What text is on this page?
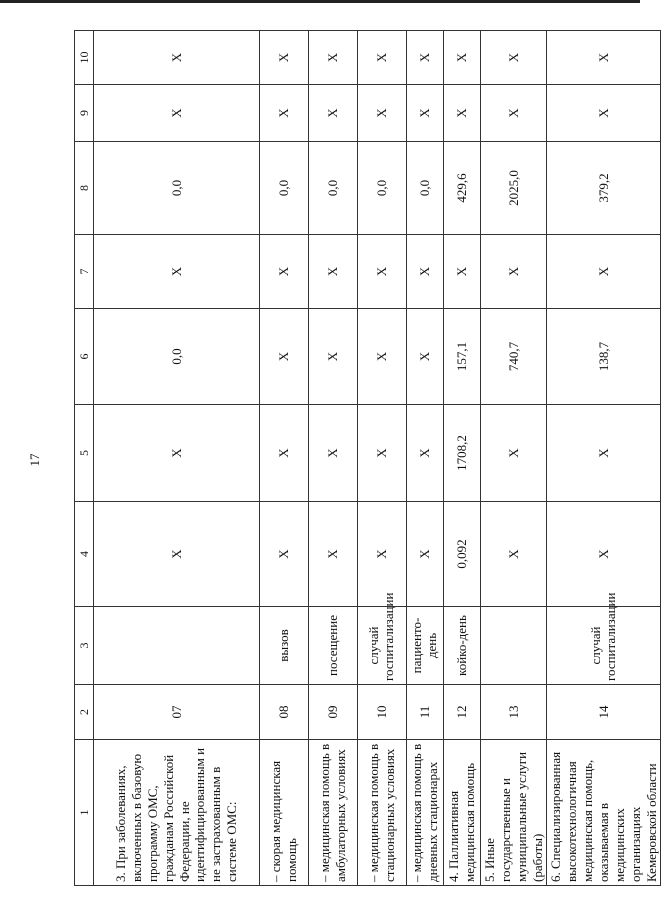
17
1	2	3	4	5	6	7	8	9	10
3. При заболеваниях, включенных в базовую программу ОМС, гражданам Российской Федерации, не идентифицированным и не застрахованным в системе ОМС:	07		X	X	0,0	X	0,0	X	X
– скорая медицинская помощь	08	вызов	X	X	X	X	0,0	X	X
– медицинская помощь в амбулаторных условиях	09	посещение	X	X	X	X	0,0	X	X
– медицинская помощь в стационарных условиях	10	случай госпитализации	X	X	X	X	0,0	X	X
– медицинская помощь в дневных стационарах	11	пациенто-день	X	X	X	X	0,0	X	X
4. Паллиативная медицинская помощь	12	койко-день	0,092	1708,2	157,1	X	429,6	X	X
5. Иные государственные и муниципальные услуги (работы)	13		X	X	740,7	X	2025,0	X	X
6. Специализированная высокотехнологичная медицинская помощь, оказываемая в медицинских организациях Кемеровской области	14	случай госпитализации	X	X	138,7	X	379,2	X	X
